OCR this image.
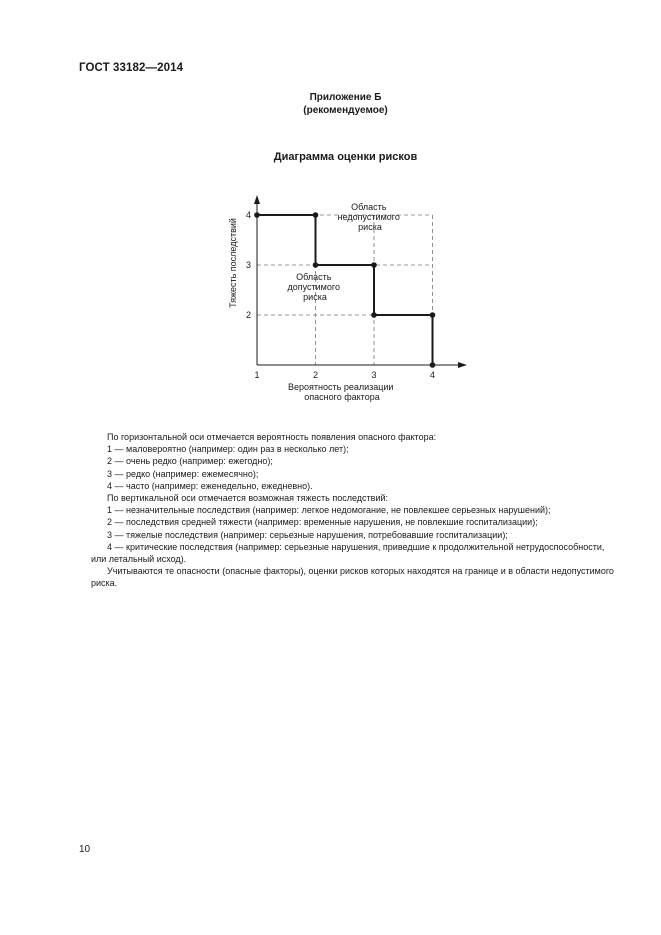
ГОСТ 33182—2014
Приложение Б
(рекомендуемое)
Диаграмма оценки рисков
1	2	3	4
2
3
4
Область недопустимого риска
Область допустимого риска
Вероятность реализации опасного фактора
Тяжесть последствий

По горизонтальной оси отмечается вероятность появления опасного фактора:

1 — маловероятно (например: один раз в несколько лет);

2 — очень редко (например: ежегодно);

3 — редко (например: ежемесячно);

4 — часто (например: еженедельно, ежедневно).

По вертикальной оси отмечается возможная тяжесть последствий:

1 — незначительные последствия (например: легкое недомогание, не повлекшее серьезных нарушений);

2 — последствия средней тяжести (например: временные нарушения, не повлекшие госпитализации);

3 — тяжелые последствия (например: серьезные нарушения, потребовавшие госпитализации);

4 — критические последствия (например: серьезные нарушения, приведшие к продолжительной нетрудоспособности, или летальный исход).

Учитываются те опасности (опасные факторы), оценки рисков которых находятся на границе и в области недопустимого риска.

10
